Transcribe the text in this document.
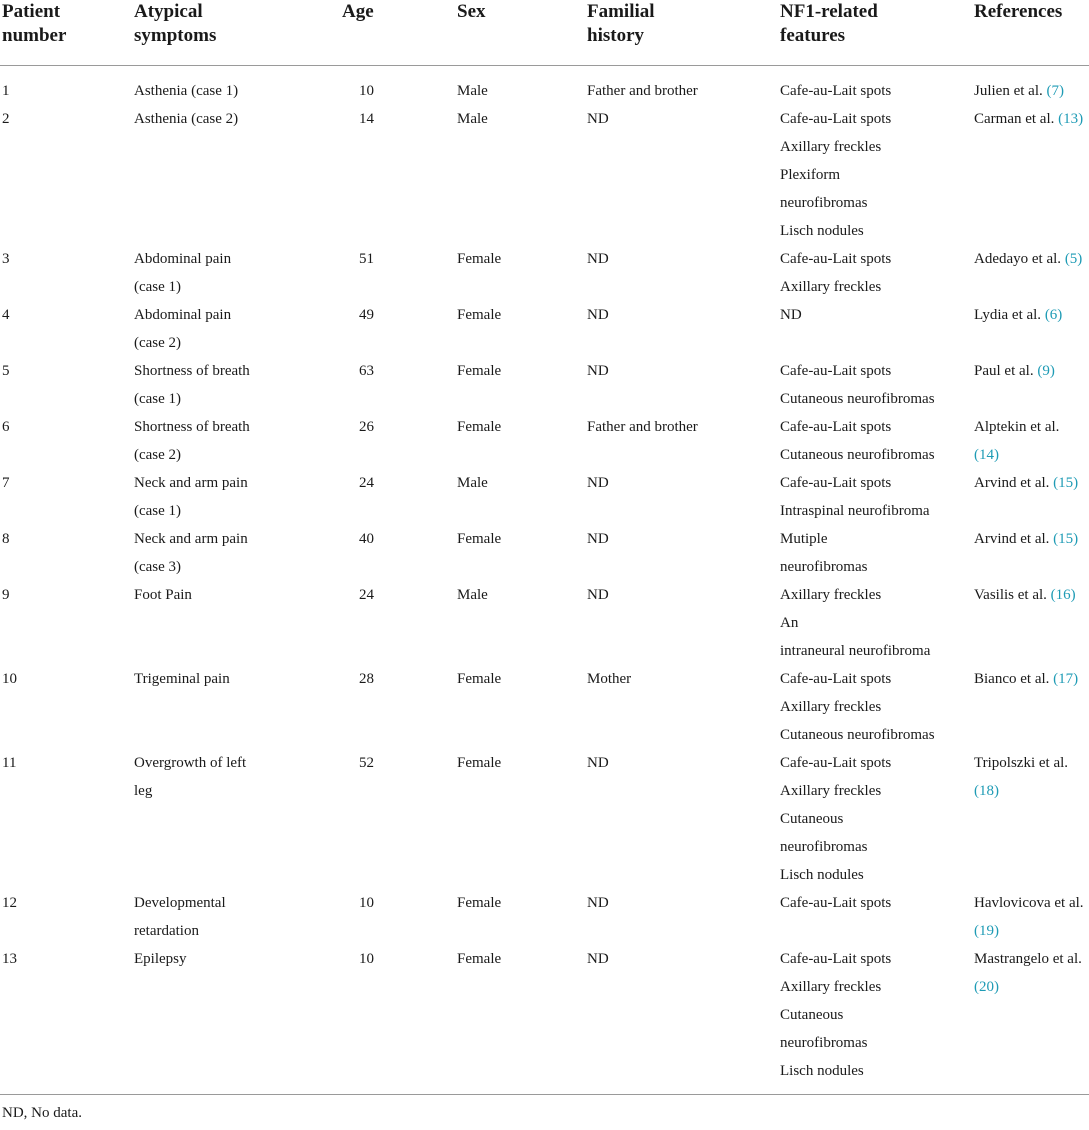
Patient
number	Atypical
symptoms	Age	Sex	Familial
history	NF1-related
features	References

1	Asthenia (case 1)	10	Male	Father and brother	Cafe-au-Lait spots	Julien et al. (7)
2	Asthenia (case 2)	14	Male	ND	Cafe-au-Lait spots
Axillary freckles
Plexiform
neurofibromas
Lisch nodules	Carman et al. (13)
3	Abdominal pain
(case 1)	51	Female	ND	Cafe-au-Lait spots
Axillary freckles	Adedayo et al. (5)
4	Abdominal pain
(case 2)	49	Female	ND	ND	Lydia et al. (6)
5	Shortness of breath
(case 1)	63	Female	ND	Cafe-au-Lait spots
Cutaneous neurofibromas	Paul et al. (9)
6	Shortness of breath
(case 2)	26	Female	Father and brother	Cafe-au-Lait spots
Cutaneous neurofibromas	Alptekin et al.
(14)
7	Neck and arm pain
(case 1)	24	Male	ND	Cafe-au-Lait spots
Intraspinal neurofibroma	Arvind et al. (15)
8	Neck and arm pain
(case 3)	40	Female	ND	Mutiple
neurofibromas	Arvind et al. (15)
9	Foot Pain	24	Male	ND	Axillary freckles
An
intraneural neurofibroma	Vasilis et al. (16)
10	Trigeminal pain	28	Female	Mother	Cafe-au-Lait spots
Axillary freckles
Cutaneous neurofibromas	Bianco et al. (17)
11	Overgrowth of left
leg	52	Female	ND	Cafe-au-Lait spots
Axillary freckles
Cutaneous
neurofibromas
Lisch nodules	Tripolszki et al.
(18)
12	Developmental
retardation	10	Female	ND	Cafe-au-Lait spots	Havlovicova et al.
(19)
13	Epilepsy	10	Female	ND	Cafe-au-Lait spots
Axillary freckles
Cutaneous
neurofibromas
Lisch nodules	Mastrangelo et al.
(20)
ND, No data.
